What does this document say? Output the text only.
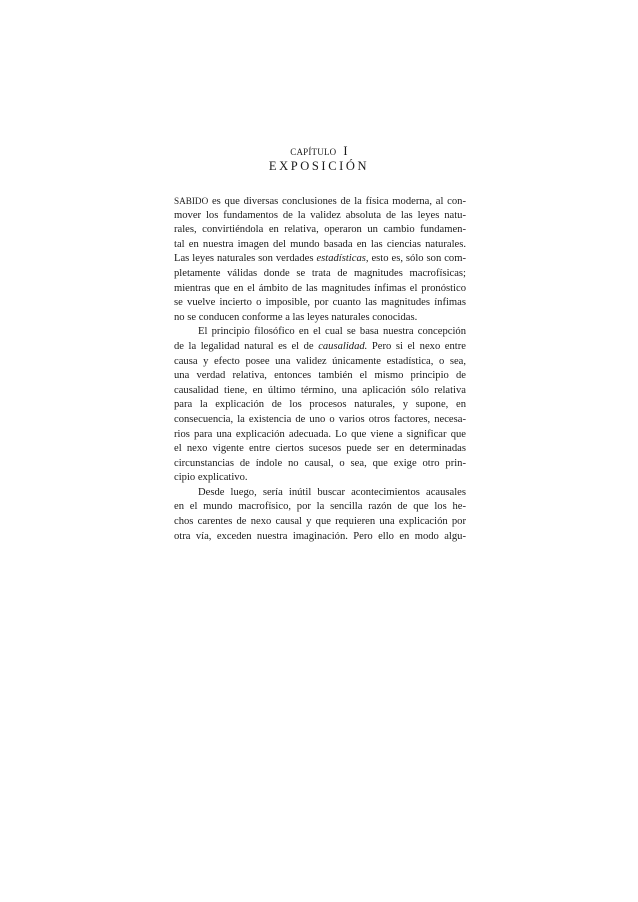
CAPÍTULO I
EXPOSICIÓN
SABIDO es que diversas conclusiones de la física moderna, al con-
mover los fundamentos de la validez absoluta de las leyes natu-
rales, convirtiéndola en relativa, operaron un cambio fundamen-
tal en nuestra imagen del mundo basada en las ciencias naturales.
Las leyes naturales son verdades estadísticas, esto es, sólo son com-
pletamente válidas donde se trata de magnitudes macrofísicas;
mientras que en el ámbito de las magnitudes ínfimas el pronóstico
se vuelve incierto o imposible, por cuanto las magnitudes ínfimas
no se conducen conforme a las leyes naturales conocidas.
El principio filosófico en el cual se basa nuestra concepción
de la legalidad natural es el de causalidad. Pero si el nexo entre
causa y efecto posee una validez únicamente estadística, o sea,
una verdad relativa, entonces también el mismo principio de
causalidad tiene, en último término, una aplicación sólo relativa
para la explicación de los procesos naturales, y supone, en
consecuencia, la existencia de uno o varios otros factores, necesa-
rios para una explicación adecuada. Lo que viene a significar que
el nexo vigente entre ciertos sucesos puede ser en determinadas
circunstancias de índole no causal, o sea, que exige otro prin-
cipio explicativo.
Desde luego, sería inútil buscar acontecimientos acausales
en el mundo macrofísico, por la sencilla razón de que los he-
chos carentes de nexo causal y que requieren una explicación por
otra vía, exceden nuestra imaginación. Pero ello en modo algu-
